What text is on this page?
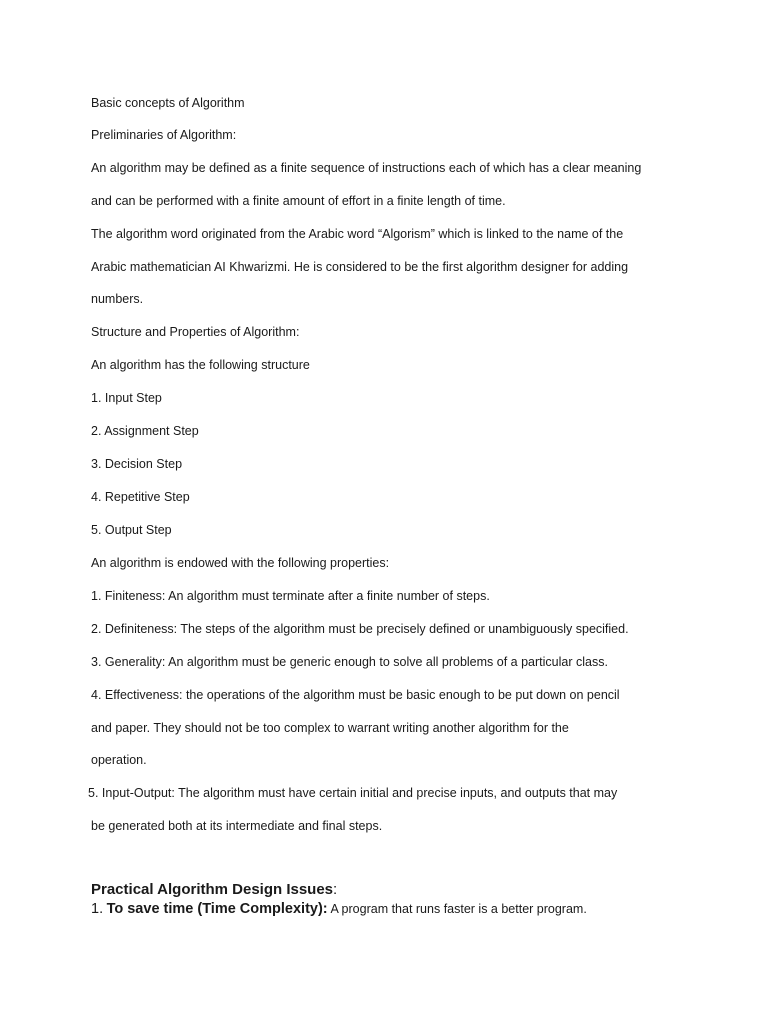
Basic concepts of Algorithm
Preliminaries of Algorithm:
An algorithm may be defined as a finite sequence of instructions each of which has a clear meaning
and can be performed with a finite amount of effort in a finite length of time.
The algorithm word originated from the Arabic word “Algorism” which is linked to the name of the
Arabic mathematician AI Khwarizmi. He is considered to be the first algorithm designer for adding
numbers.
Structure and Properties of Algorithm:
An algorithm has the following structure
1. Input Step
2. Assignment Step
3. Decision Step
4. Repetitive Step
5. Output Step
An algorithm is endowed with the following properties:
1. Finiteness: An algorithm must terminate after a finite number of steps.
2. Definiteness: The steps of the algorithm must be precisely defined or unambiguously specified.
3. Generality: An algorithm must be generic enough to solve all problems of a particular class.
4. Effectiveness: the operations of the algorithm must be basic enough to be put down on pencil
and paper. They should not be too complex to warrant writing another algorithm for the
operation.
5. Input-Output: The algorithm must have certain initial and precise inputs, and outputs that may
be generated both at its intermediate and final steps.
Practical Algorithm Design Issues:
1. To save time (Time Complexity): A program that runs faster is a better program.
